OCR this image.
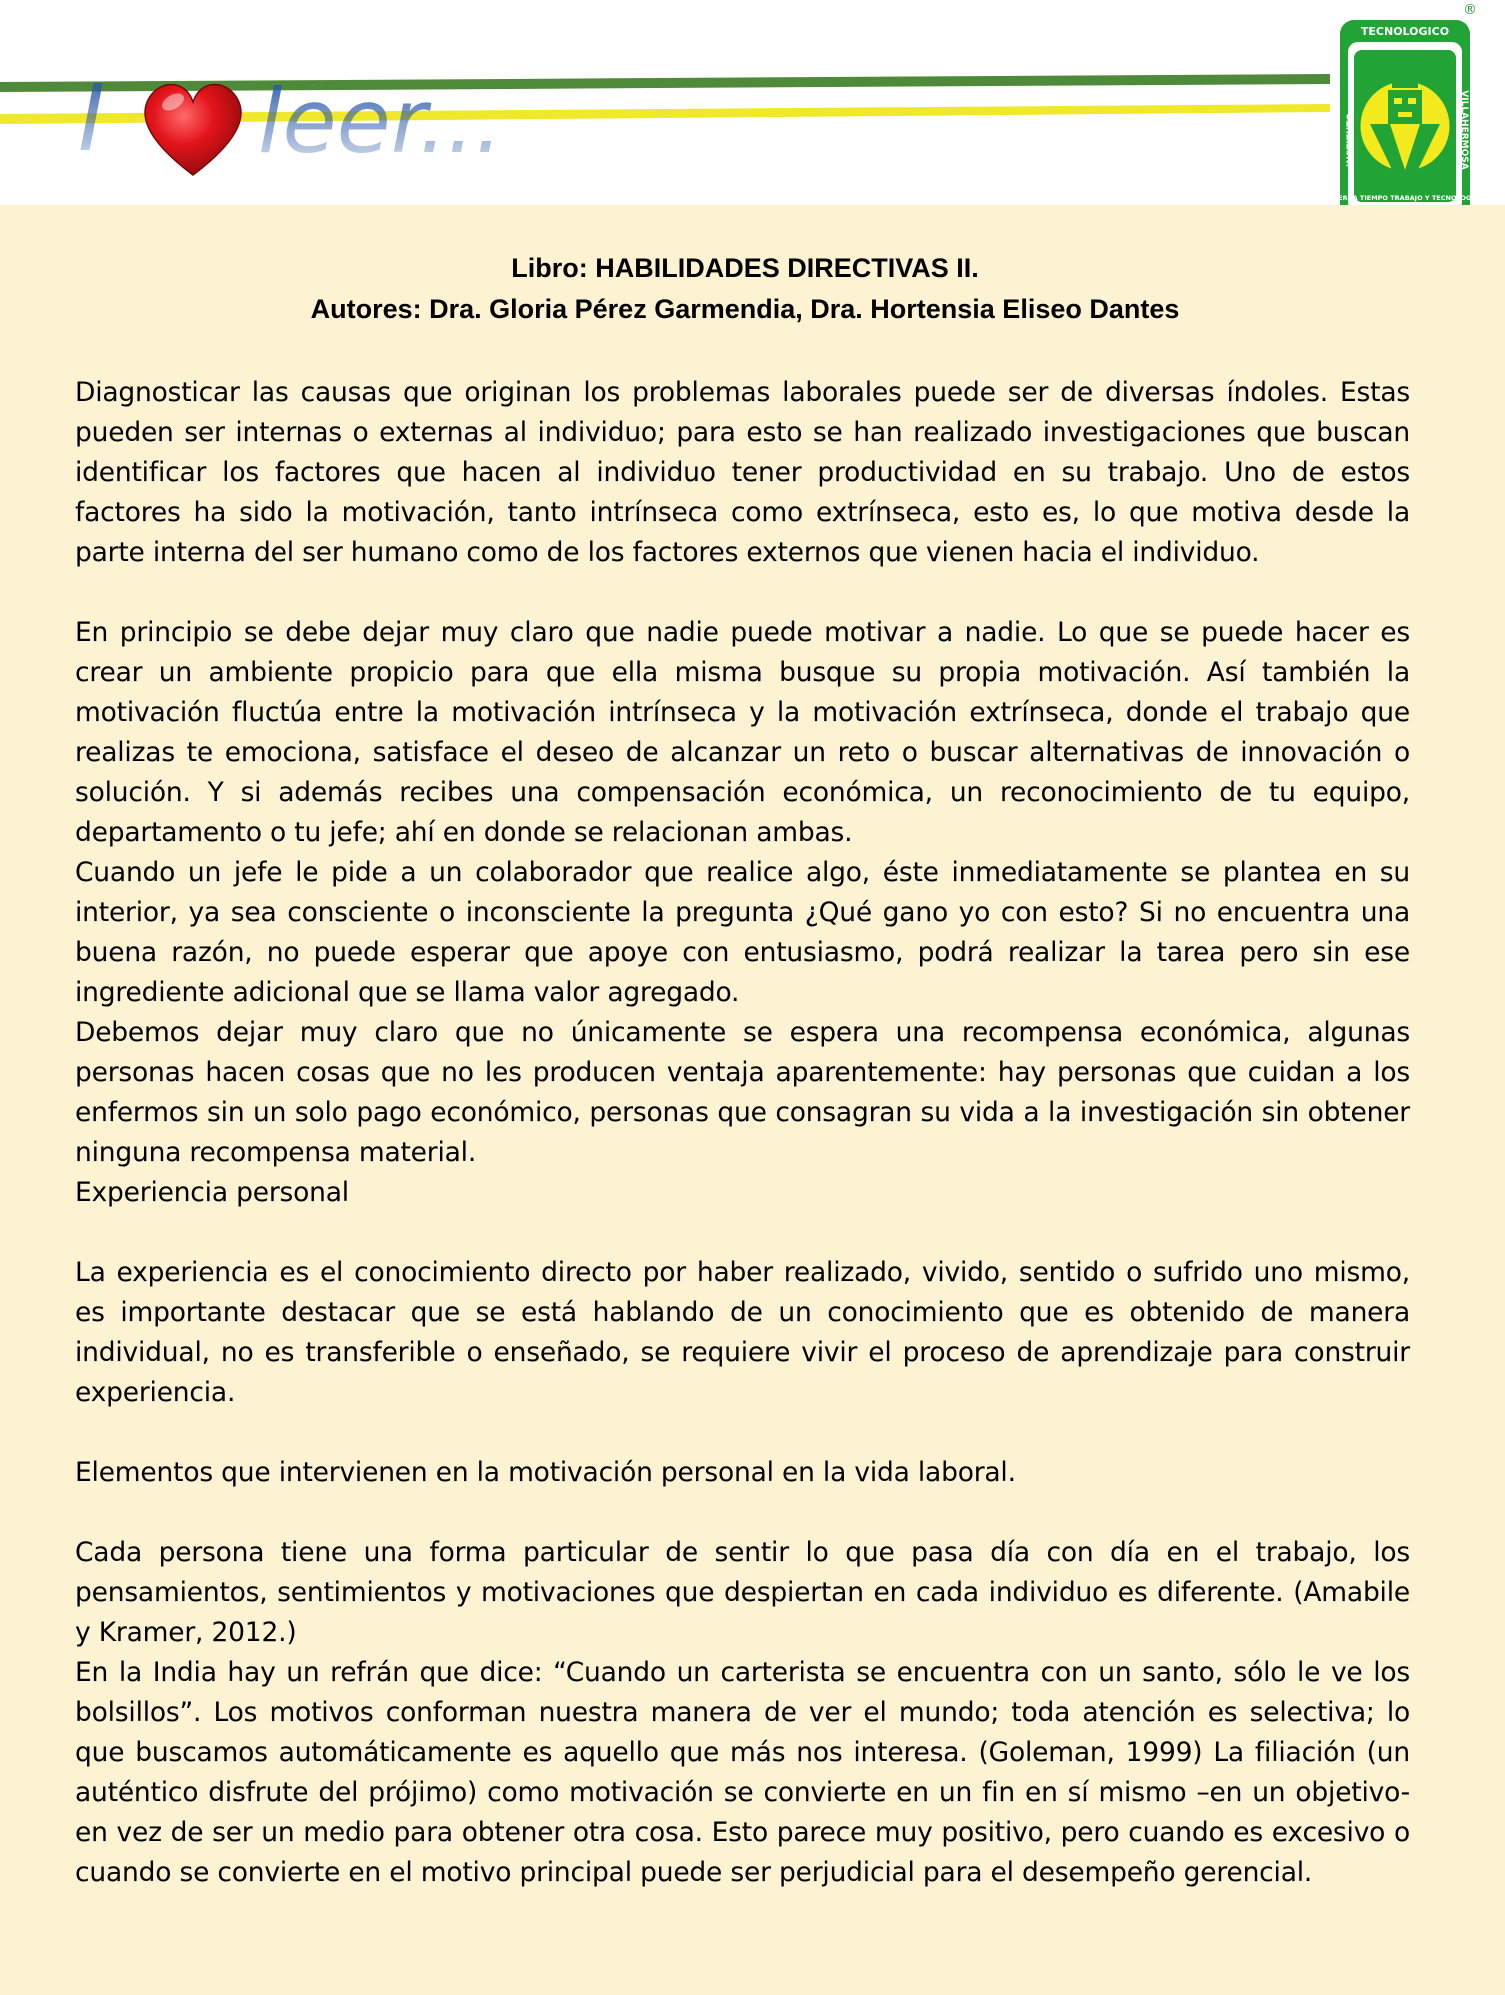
I leer...
TECNOLOGICO
INSTITUTO	VILLAHERMOSA
TIERRA TIEMPO TRABAJO Y TECNOLOGIA
®
Libro: HABILIDADES DIRECTIVAS II.
Autores: Dra. Gloria Pérez Garmendia, Dra. Hortensia Eliseo Dantes

Diagnosticar las causas que originan los problemas laborales puede ser de diversas índoles. Estas pueden ser internas o externas al individuo; para esto se han realizado investigaciones que buscan identificar los factores que hacen al individuo tener productividad en su trabajo. Uno de estos factores ha sido la motivación, tanto intrínseca como extrínseca, esto es, lo que motiva desde la parte interna del ser humano como de los factores externos que vienen hacia el individuo.

En principio se debe dejar muy claro que nadie puede motivar a nadie. Lo que se puede hacer es crear un ambiente propicio para que ella misma busque su propia motivación. Así también la motivación fluctúa entre la motivación intrínseca y la motivación extrínseca, donde el trabajo que realizas te emociona, satisface el deseo de alcanzar un reto o buscar alternativas de innovación o solución. Y si además recibes una compensación económica, un reconocimiento de tu equipo, departamento o tu jefe; ahí en donde se relacionan ambas.

Cuando un jefe le pide a un colaborador que realice algo, éste inmediatamente se plantea en su interior, ya sea consciente o inconsciente la pregunta ¿Qué gano yo con esto? Si no encuentra una buena razón, no puede esperar que apoye con entusiasmo, podrá realizar la tarea pero sin ese ingrediente adicional que se llama valor agregado.

Debemos dejar muy claro que no únicamente se espera una recompensa económica, algunas personas hacen cosas que no les producen ventaja aparentemente: hay personas que cuidan a los enfermos sin un solo pago económico, personas que consagran su vida a la investigación sin obtener ninguna recompensa material.

Experiencia personal

La experiencia es el conocimiento directo por haber realizado, vivido, sentido o sufrido uno mismo, es importante destacar que se está hablando de un conocimiento que es obtenido de manera individual, no es transferible o enseñado, se requiere vivir el proceso de aprendizaje para construir experiencia.

Elementos que intervienen en la motivación personal en la vida laboral.

Cada persona tiene una forma particular de sentir lo que pasa día con día en el trabajo, los pensamientos, sentimientos y motivaciones que despiertan en cada individuo es diferente. (Amabile y Kramer, 2012.)

En la India hay un refrán que dice: “Cuando un carterista se encuentra con un santo, sólo le ve los bolsillos”. Los motivos conforman nuestra manera de ver el mundo; toda atención es selectiva; lo que buscamos automáticamente es aquello que más nos interesa. (Goleman, 1999) La filiación (un auténtico disfrute del prójimo) como motivación se convierte en un fin en sí mismo –en un objetivo- en vez de ser un medio para obtener otra cosa. Esto parece muy positivo, pero cuando es excesivo o cuando se convierte en el motivo principal puede ser perjudicial para el desempeño gerencial.
